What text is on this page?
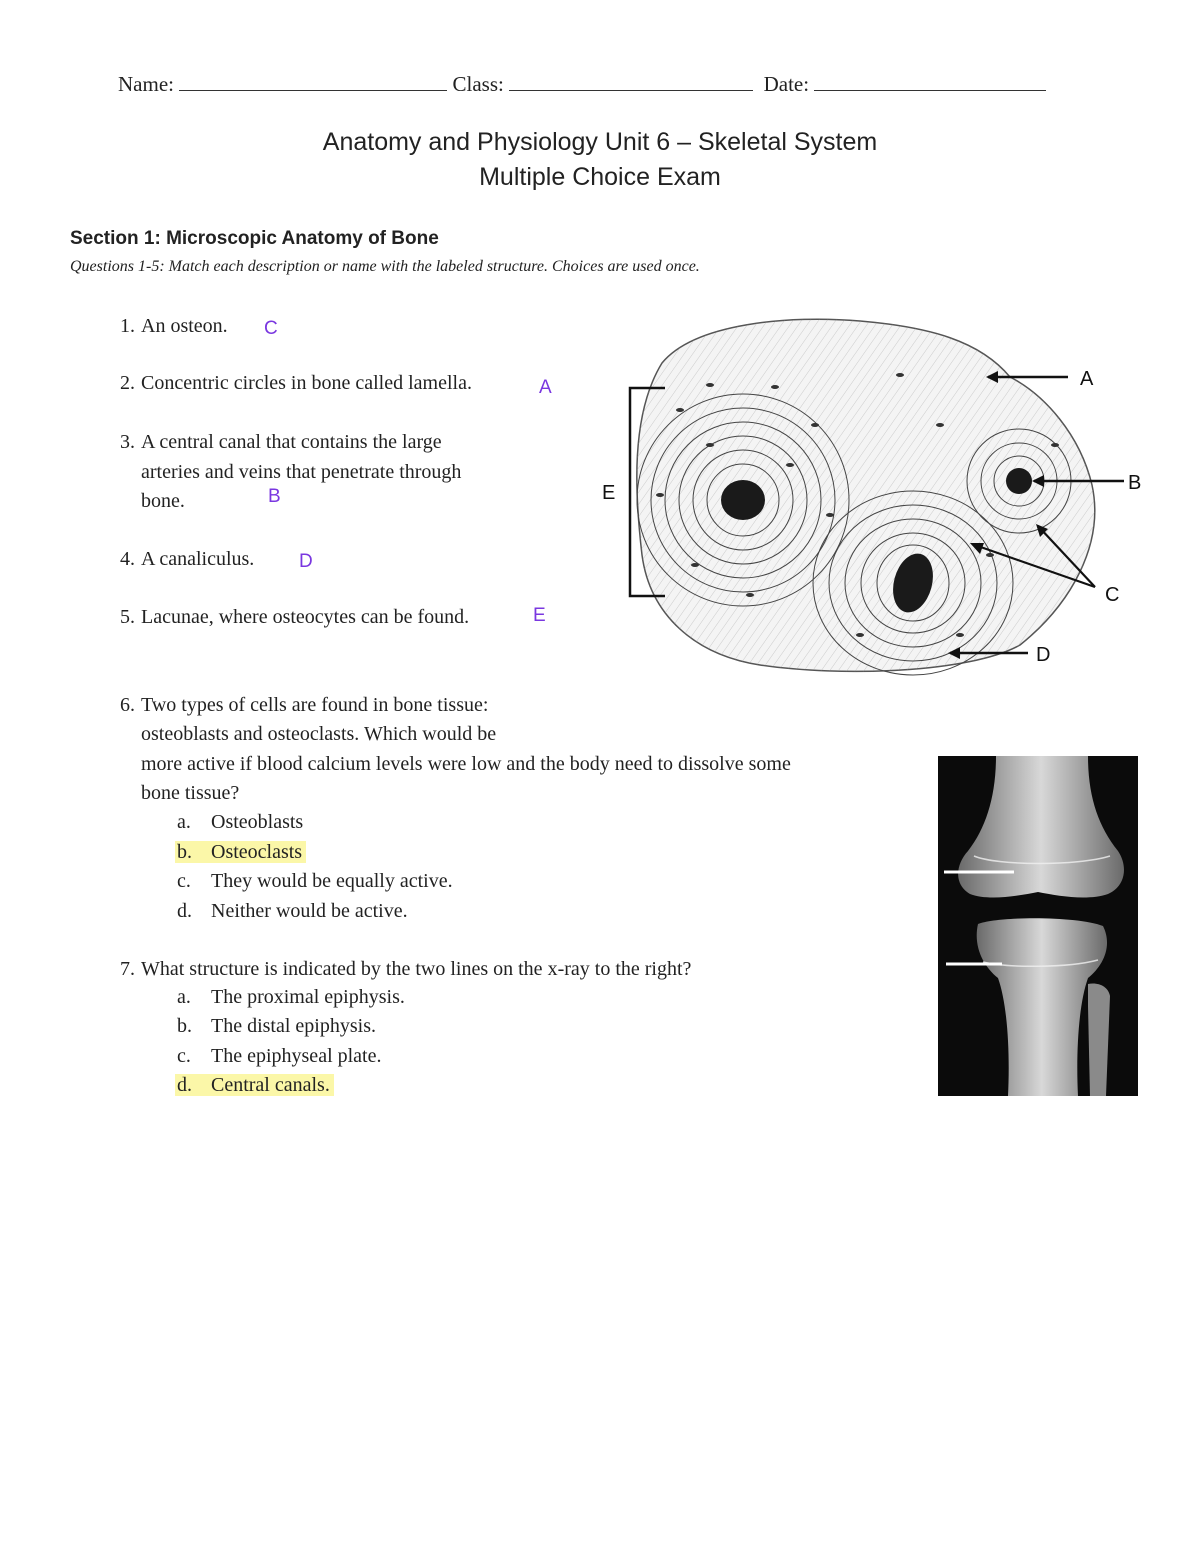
Name:	Class:	Date:
Anatomy and Physiology Unit 6 – Skeletal System
Multiple Choice Exam
Section 1: Microscopic Anatomy of Bone
Questions 1-5: Match each description or name with the labeled structure. Choices are used once.
1. An osteon. C
2. Concentric circles in bone called lamella.	A
3. A central canal that contains the large
arteries and veins that penetrate through
bone.	B
4. A canaliculus. D
5. Lacunae, where osteocytes can be found.	E
A
B
C
D
E
6. Two types of cells are found in bone tissue:
osteoblasts and osteoclasts. Which would be
more active if blood calcium levels were low and the body need to dissolve some
bone tissue?
a. Osteoblasts
b. Osteoclasts
c. They would be equally active.
d. Neither would be active.
7. What structure is indicated by the two lines on the x-ray to the right?
a. The proximal epiphysis.
b. The distal epiphysis.
c. The epiphyseal plate.
d. Central canals.
